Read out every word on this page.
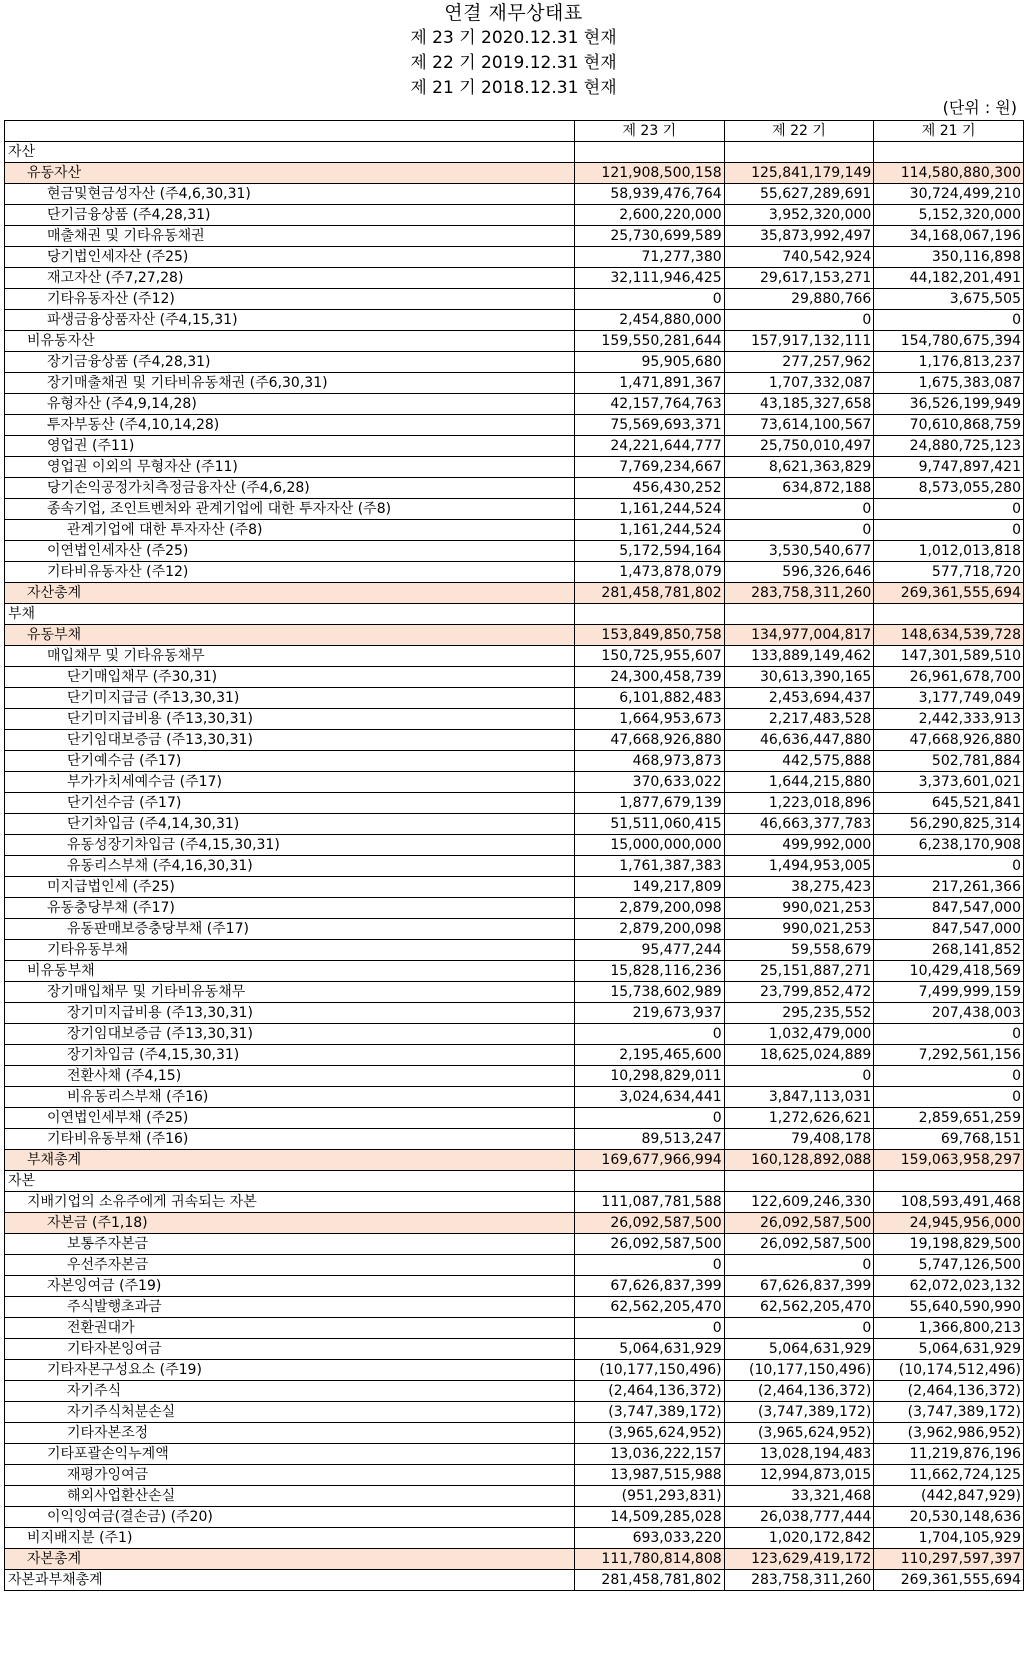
연결 재무상태표
제 23 기 2020.12.31 현재
제 22 기 2019.12.31 현재
제 21 기 2018.12.31 현재
(단위 : 원)
	제 23 기	제 22 기	제 21 기
자산			
유동자산	121,908,500,158	125,841,179,149	114,580,880,300
현금및현금성자산 (주4,6,30,31)	58,939,476,764	55,627,289,691	30,724,499,210
단기금융상품 (주4,28,31)	2,600,220,000	3,952,320,000	5,152,320,000
매출채권 및 기타유동채권	25,730,699,589	35,873,992,497	34,168,067,196
당기법인세자산 (주25)	71,277,380	740,542,924	350,116,898
재고자산 (주7,27,28)	32,111,946,425	29,617,153,271	44,182,201,491
기타유동자산 (주12)	0	29,880,766	3,675,505
파생금융상품자산 (주4,15,31)	2,454,880,000	0	0
비유동자산	159,550,281,644	157,917,132,111	154,780,675,394
장기금융상품 (주4,28,31)	95,905,680	277,257,962	1,176,813,237
장기매출채권 및 기타비유동채권 (주6,30,31)	1,471,891,367	1,707,332,087	1,675,383,087
유형자산 (주4,9,14,28)	42,157,764,763	43,185,327,658	36,526,199,949
투자부동산 (주4,10,14,28)	75,569,693,371	73,614,100,567	70,610,868,759
영업권 (주11)	24,221,644,777	25,750,010,497	24,880,725,123
영업권 이외의 무형자산 (주11)	7,769,234,667	8,621,363,829	9,747,897,421
당기손익공정가치측정금융자산 (주4,6,28)	456,430,252	634,872,188	8,573,055,280
종속기업, 조인트벤처와 관계기업에 대한 투자자산 (주8)	1,161,244,524	0	0
관계기업에 대한 투자자산 (주8)	1,161,244,524	0	0
이연법인세자산 (주25)	5,172,594,164	3,530,540,677	1,012,013,818
기타비유동자산 (주12)	1,473,878,079	596,326,646	577,718,720
자산총계	281,458,781,802	283,758,311,260	269,361,555,694
부채			
유동부채	153,849,850,758	134,977,004,817	148,634,539,728
매입채무 및 기타유동채무	150,725,955,607	133,889,149,462	147,301,589,510
단기매입채무 (주30,31)	24,300,458,739	30,613,390,165	26,961,678,700
단기미지급금 (주13,30,31)	6,101,882,483	2,453,694,437	3,177,749,049
단기미지급비용 (주13,30,31)	1,664,953,673	2,217,483,528	2,442,333,913
단기임대보증금 (주13,30,31)	47,668,926,880	46,636,447,880	47,668,926,880
단기예수금 (주17)	468,973,873	442,575,888	502,781,884
부가가치세예수금 (주17)	370,633,022	1,644,215,880	3,373,601,021
단기선수금 (주17)	1,877,679,139	1,223,018,896	645,521,841
단기차입금 (주4,14,30,31)	51,511,060,415	46,663,377,783	56,290,825,314
유동성장기차입금 (주4,15,30,31)	15,000,000,000	499,992,000	6,238,170,908
유동리스부채 (주4,16,30,31)	1,761,387,383	1,494,953,005	0
미지급법인세 (주25)	149,217,809	38,275,423	217,261,366
유동충당부채 (주17)	2,879,200,098	990,021,253	847,547,000
유동판매보증충당부채 (주17)	2,879,200,098	990,021,253	847,547,000
기타유동부채	95,477,244	59,558,679	268,141,852
비유동부채	15,828,116,236	25,151,887,271	10,429,418,569
장기매입채무 및 기타비유동채무	15,738,602,989	23,799,852,472	7,499,999,159
장기미지급비용 (주13,30,31)	219,673,937	295,235,552	207,438,003
장기임대보증금 (주13,30,31)	0	1,032,479,000	0
장기차입금 (주4,15,30,31)	2,195,465,600	18,625,024,889	7,292,561,156
전환사채 (주4,15)	10,298,829,011	0	0
비유동리스부채 (주16)	3,024,634,441	3,847,113,031	0
이연법인세부채 (주25)	0	1,272,626,621	2,859,651,259
기타비유동부채 (주16)	89,513,247	79,408,178	69,768,151
부채총계	169,677,966,994	160,128,892,088	159,063,958,297
자본			
지배기업의 소유주에게 귀속되는 자본	111,087,781,588	122,609,246,330	108,593,491,468
자본금 (주1,18)	26,092,587,500	26,092,587,500	24,945,956,000
보통주자본금	26,092,587,500	26,092,587,500	19,198,829,500
우선주자본금	0	0	5,747,126,500
자본잉여금 (주19)	67,626,837,399	67,626,837,399	62,072,023,132
주식발행초과금	62,562,205,470	62,562,205,470	55,640,590,990
전환권대가	0	0	1,366,800,213
기타자본잉여금	5,064,631,929	5,064,631,929	5,064,631,929
기타자본구성요소 (주19)	(10,177,150,496)	(10,177,150,496)	(10,174,512,496)
자기주식	(2,464,136,372)	(2,464,136,372)	(2,464,136,372)
자기주식처분손실	(3,747,389,172)	(3,747,389,172)	(3,747,389,172)
기타자본조정	(3,965,624,952)	(3,965,624,952)	(3,962,986,952)
기타포괄손익누계액	13,036,222,157	13,028,194,483	11,219,876,196
재평가잉여금	13,987,515,988	12,994,873,015	11,662,724,125
해외사업환산손실	(951,293,831)	33,321,468	(442,847,929)
이익잉여금(결손금) (주20)	14,509,285,028	26,038,777,444	20,530,148,636
비지배지분 (주1)	693,033,220	1,020,172,842	1,704,105,929
자본총계	111,780,814,808	123,629,419,172	110,297,597,397
자본과부채총계	281,458,781,802	283,758,311,260	269,361,555,694
